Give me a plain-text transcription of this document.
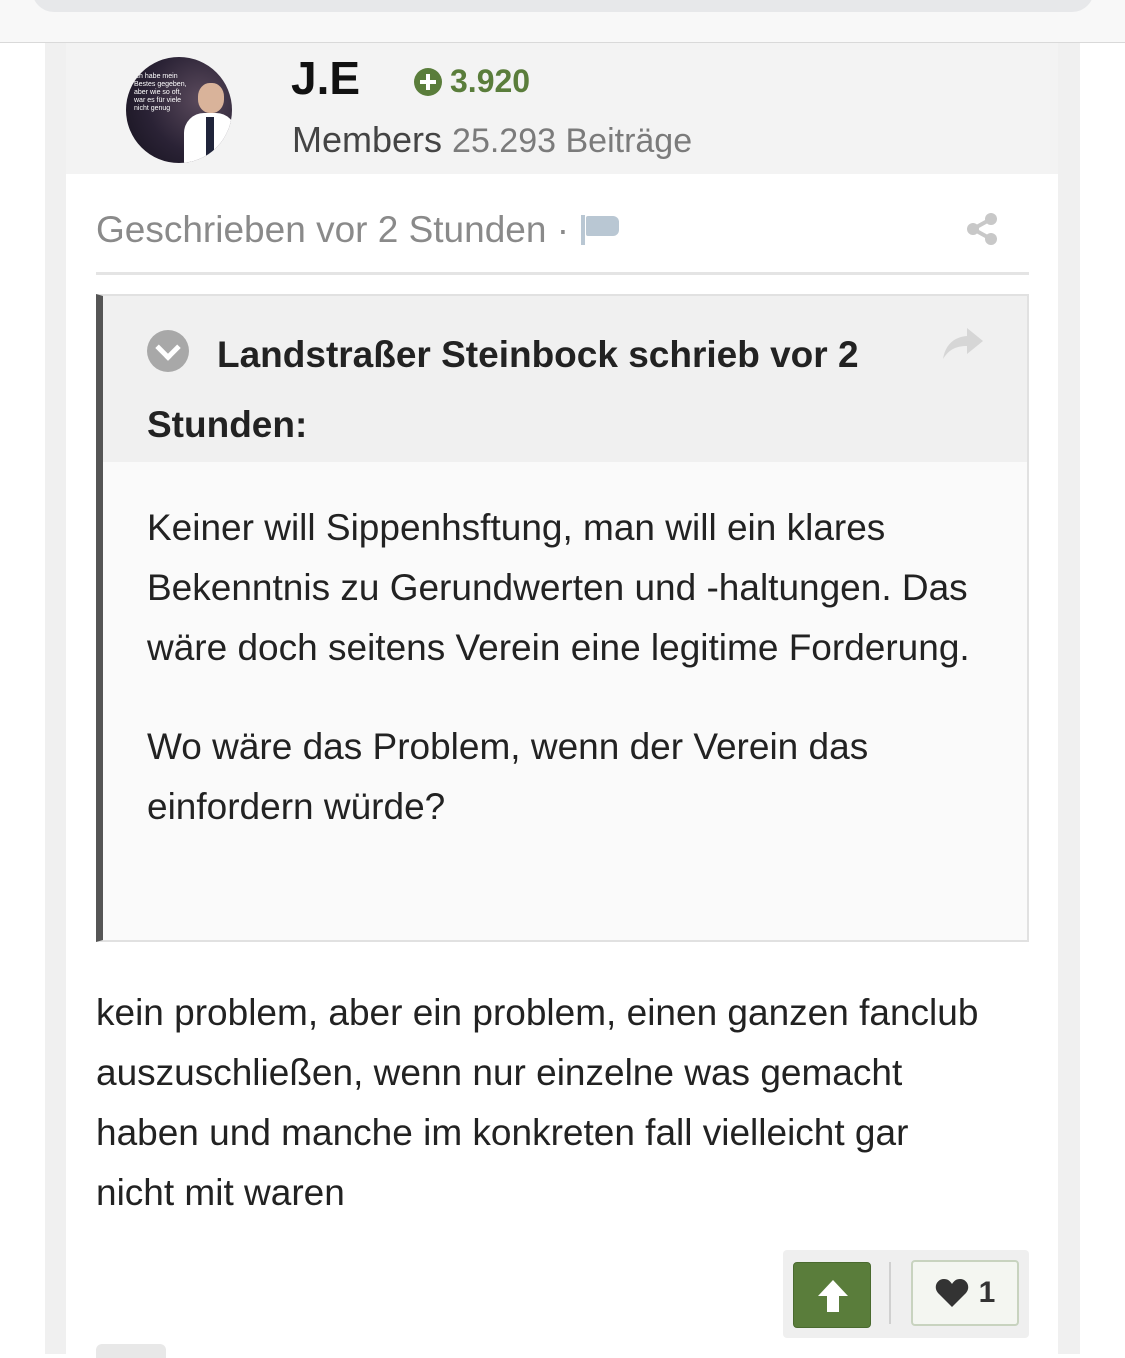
ich habe mein Bestes gegeben, aber wie so oft, war es für viele nicht genug
J.E	3.920
Members 25.293 Beiträge
Geschrieben vor 2 Stunden ·
Landstraßer Steinbock schrieb vor 2 Stunden:

Keiner will Sippenhsftung, man will ein klares Bekenntnis zu Gerundwerten und -haltungen. Das wäre doch seitens Verein eine legitime Forderung.

Wo wäre das Problem, wenn der Verein das einfordern würde?

kein problem, aber ein problem, einen ganzen fanclub auszuschließen, wenn nur einzelne was gemacht haben und manche im konkreten fall vielleicht gar nicht mit waren
1
